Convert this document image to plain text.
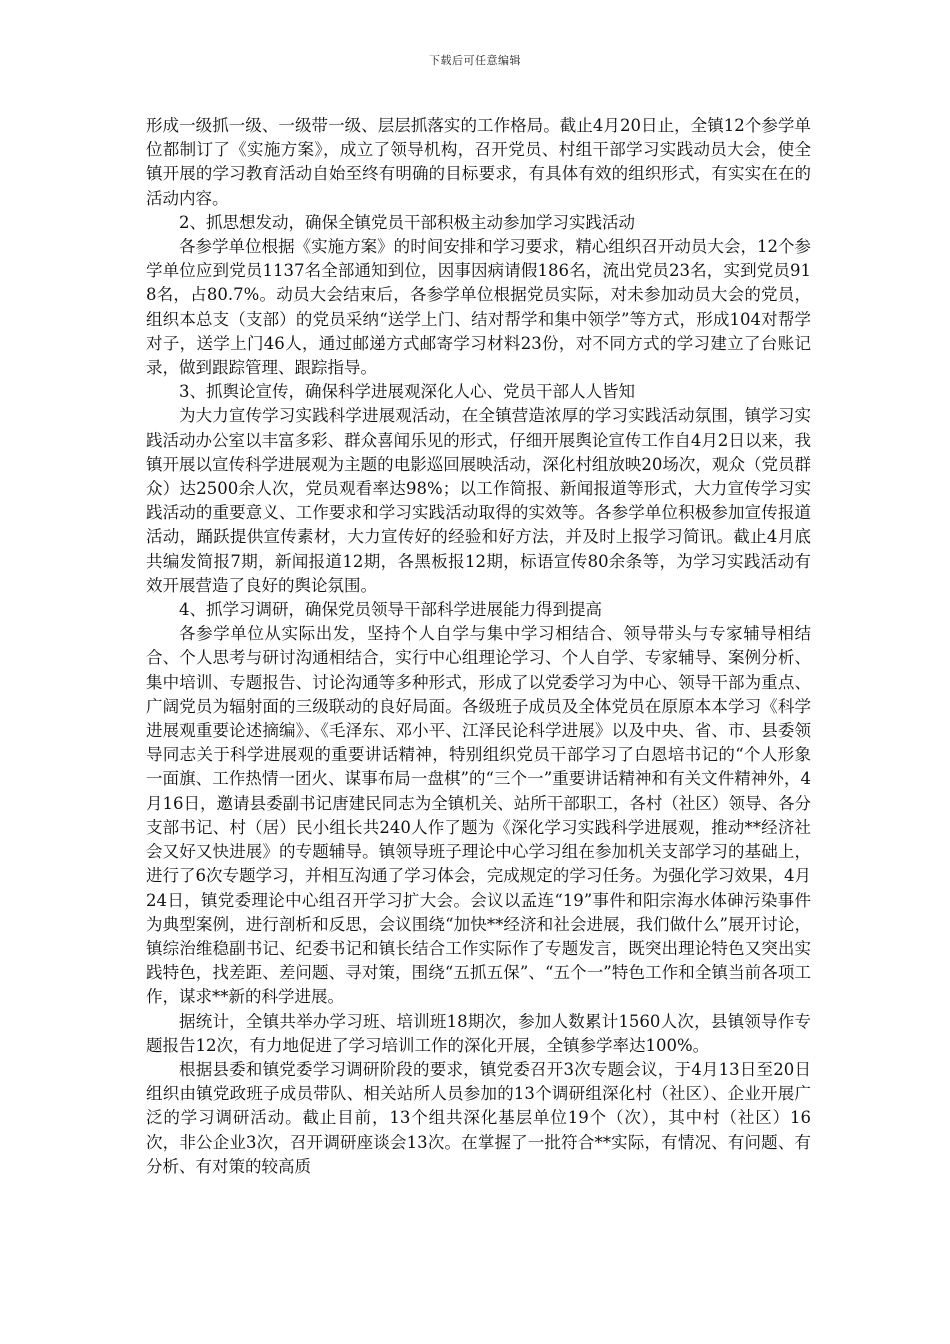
下载后可任意编辑

形成一级抓一级、一级带一级、层层抓落实的工作格局。截止4月20日止，全镇12个参学单位都制订了《实施方案》，成立了领导机构，召开党员、村组干部学习实践动员大会，使全镇开展的学习教育活动自始至终有明确的目标要求，有具体有效的组织形式，有实实在在的活动内容。

2、抓思想发动，确保全镇党员干部积极主动参加学习实践活动

各参学单位根据《实施方案》的时间安排和学习要求，精心组织召开动员大会，12个参学单位应到党员1137名全部通知到位，因事因病请假186名，流出党员23名，实到党员918名，占80.7%。动员大会结束后，各参学单位根据党员实际，对未参加动员大会的党员，组织本总支（支部）的党员采纳“送学上门、结对帮学和集中领学”等方式，形成104对帮学对子，送学上门46人，通过邮递方式邮寄学习材料23份，对不同方式的学习建立了台账记录，做到跟踪管理、跟踪指导。

3、抓舆论宣传，确保科学进展观深化人心、党员干部人人皆知

为大力宣传学习实践科学进展观活动，在全镇营造浓厚的学习实践活动氛围，镇学习实践活动办公室以丰富多彩、群众喜闻乐见的形式，仔细开展舆论宣传工作自4月2日以来，我镇开展以宣传科学进展观为主题的电影巡回展映活动，深化村组放映20场次，观众（党员群众）达2500余人次，党员观看率达98%；以工作简报、新闻报道等形式，大力宣传学习实践活动的重要意义、工作要求和学习实践活动取得的实效等。各参学单位积极参加宣传报道活动，踊跃提供宣传素材，大力宣传好的经验和好方法，并及时上报学习简讯。截止4月底共编发简报7期，新闻报道12期，各黑板报12期，标语宣传80余条等，为学习实践活动有效开展营造了良好的舆论氛围。

4、抓学习调研，确保党员领导干部科学进展能力得到提高

各参学单位从实际出发，坚持个人自学与集中学习相结合、领导带头与专家辅导相结合、个人思考与研讨沟通相结合，实行中心组理论学习、个人自学、专家辅导、案例分析、集中培训、专题报告、讨论沟通等多种形式，形成了以党委学习为中心、领导干部为重点、广阔党员为辐射面的三级联动的良好局面。各级班子成员及全体党员在原原本本学习《科学进展观重要论述摘编》、《毛泽东、邓小平、江泽民论科学进展》以及中央、省、市、县委领导同志关于科学进展观的重要讲话精神，特别组织党员干部学习了白恩培书记的“个人形象一面旗、工作热情一团火、谋事布局一盘棋”的“三个一”重要讲话精神和有关文件精神外，4月16日，邀请县委副书记唐建民同志为全镇机关、站所干部职工，各村（社区）领导、各分支部书记、村（居）民小组长共240人作了题为《深化学习实践科学进展观，推动**经济社会又好又快进展》的专题辅导。镇领导班子理论中心学习组在参加机关支部学习的基础上，进行了6次专题学习，并相互沟通了学习体会，完成规定的学习任务。为强化学习效果，4月24日，镇党委理论中心组召开学习扩大会。会议以孟连“19”事件和阳宗海水体砷污染事件为典型案例，进行剖析和反思，会议围绕“加快**经济和社会进展，我们做什么”展开讨论，镇综治维稳副书记、纪委书记和镇长结合工作实际作了专题发言，既突出理论特色又突出实践特色，找差距、差问题、寻对策，围绕“五抓五保”、“五个一”特色工作和全镇当前各项工作，谋求**新的科学进展。

据统计，全镇共举办学习班、培训班18期次，参加人数累计1560人次，县镇领导作专题报告12次，有力地促进了学习培训工作的深化开展，全镇参学率达100%。

根据县委和镇党委学习调研阶段的要求，镇党委召开3次专题会议，于4月13日至20日组织由镇党政班子成员带队、相关站所人员参加的13个调研组深化村（社区）、企业开展广泛的学习调研活动。截止目前，13个组共深化基层单位19个（次），其中村（社区）16次，非公企业3次，召开调研座谈会13次。在掌握了一批符合**实际，有情况、有问题、有分析、有对策的较高质
